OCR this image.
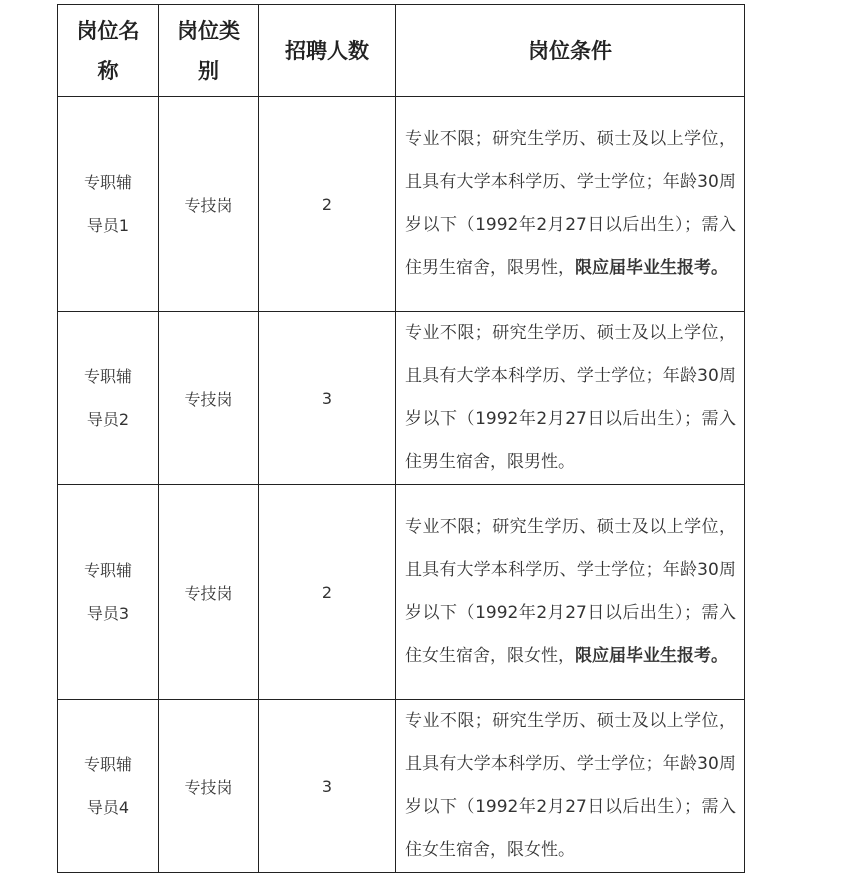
岗位名称	岗位类别	招聘人数	岗位条件
专职辅导员1	专技岗	2	专业不限；研究生学历、硕士及以上学位，且具有大学本科学历、学士学位；年龄30周岁以下（1992年2月27日以后出生）；需入住男生宿舍，限男性，限应届毕业生报考。
专职辅导员2	专技岗	3	专业不限；研究生学历、硕士及以上学位，且具有大学本科学历、学士学位；年龄30周岁以下（1992年2月27日以后出生）；需入住男生宿舍，限男性。
专职辅导员3	专技岗	2	专业不限；研究生学历、硕士及以上学位，且具有大学本科学历、学士学位；年龄30周岁以下（1992年2月27日以后出生）；需入住女生宿舍，限女性，限应届毕业生报考。
专职辅导员4	专技岗	3	专业不限；研究生学历、硕士及以上学位，且具有大学本科学历、学士学位；年龄30周岁以下（1992年2月27日以后出生）；需入住女生宿舍，限女性。
